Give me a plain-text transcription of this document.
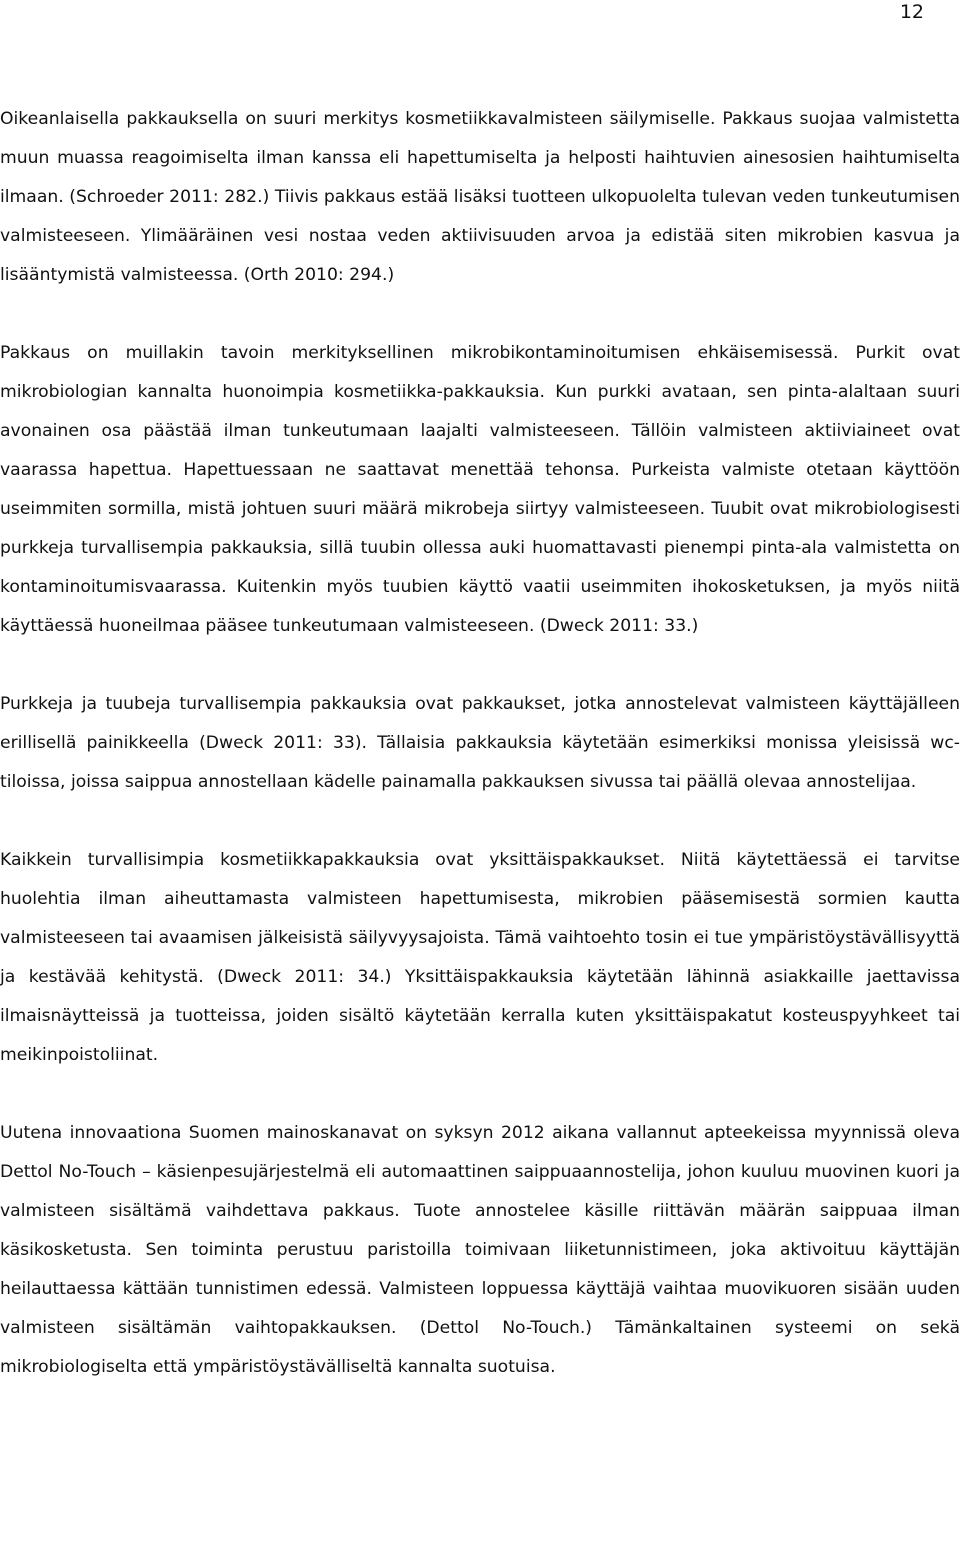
12

Oikeanlaisella pakkauksella on suuri merkitys kosmetiikkavalmisteen säilymiselle. Pakkaus suojaa valmistetta muun muassa reagoimiselta ilman kanssa eli hapettumiselta ja helposti haihtuvien ainesosien haihtumiselta ilmaan. (Schroeder 2011: 282.) Tiivis pakkaus estää lisäksi tuotteen ulkopuolelta tulevan veden tunkeutumisen valmisteeseen. Ylimääräinen vesi nostaa veden aktiivisuuden arvoa ja edistää siten mikrobien kasvua ja lisääntymistä valmisteessa. (Orth 2010: 294.)

Pakkaus on muillakin tavoin merkityksellinen mikrobikontaminoitumisen ehkäisemisessä. Purkit ovat mikrobiologian kannalta huonoimpia kosmetiikka-pakkauksia. Kun purkki avataan, sen pinta-alaltaan suuri avonainen osa päästää ilman tunkeutumaan laajalti valmisteeseen. Tällöin valmisteen aktiiviaineet ovat vaarassa hapettua. Hapettuessaan ne saattavat menettää tehonsa. Purkeista valmiste otetaan käyttöön useimmiten sormilla, mistä johtuen suuri määrä mikrobeja siirtyy valmisteeseen. Tuubit ovat mikrobiologisesti purkkeja turvallisempia pakkauksia, sillä tuubin ollessa auki huomattavasti pienempi pinta-ala valmistetta on kontaminoitumisvaarassa. Kuitenkin myös tuubien käyttö vaatii useimmiten ihokosketuksen, ja myös niitä käyttäessä huoneilmaa pääsee tunkeutumaan valmisteeseen. (Dweck 2011: 33.)

Purkkeja ja tuubeja turvallisempia pakkauksia ovat pakkaukset, jotka annostelevat valmisteen käyttäjälleen erillisellä painikkeella (Dweck 2011: 33). Tällaisia pakkauksia käytetään esimerkiksi monissa yleisissä wc-tiloissa, joissa saippua annostellaan kädelle painamalla pakkauksen sivussa tai päällä olevaa annostelijaa.

Kaikkein turvallisimpia kosmetiikkapakkauksia ovat yksittäispakkaukset. Niitä käytettäessä ei tarvitse huolehtia ilman aiheuttamasta valmisteen hapettumisesta, mikrobien pääsemisestä sormien kautta valmisteeseen tai avaamisen jälkeisistä säilyvyysajoista. Tämä vaihtoehto tosin ei tue ympäristöystävällisyyttä ja kestävää kehitystä. (Dweck 2011: 34.) Yksittäispakkauksia käytetään lähinnä asiakkaille jaettavissa ilmaisnäytteissä ja tuotteissa, joiden sisältö käytetään kerralla kuten yksittäispakatut kosteuspyyhkeet tai meikinpoistoliinat.

Uutena innovaationa Suomen mainoskanavat on syksyn 2012 aikana vallannut apteekeissa myynnissä oleva Dettol No-Touch – käsienpesujärjestelmä eli automaattinen saippuaannostelija, johon kuuluu muovinen kuori ja valmisteen sisältämä vaihdettava pakkaus. Tuote annostelee käsille riittävän määrän saippuaa ilman käsikosketusta. Sen toiminta perustuu paristoilla toimivaan liiketunnistimeen, joka aktivoituu käyttäjän heilauttaessa kättään tunnistimen edessä. Valmisteen loppuessa käyttäjä vaihtaa muovikuoren sisään uuden valmisteen sisältämän vaihtopakkauksen. (Dettol No-Touch.) Tämänkaltainen systeemi on sekä mikrobiologiselta että ympäristöystävälliseltä kannalta suotuisa.
